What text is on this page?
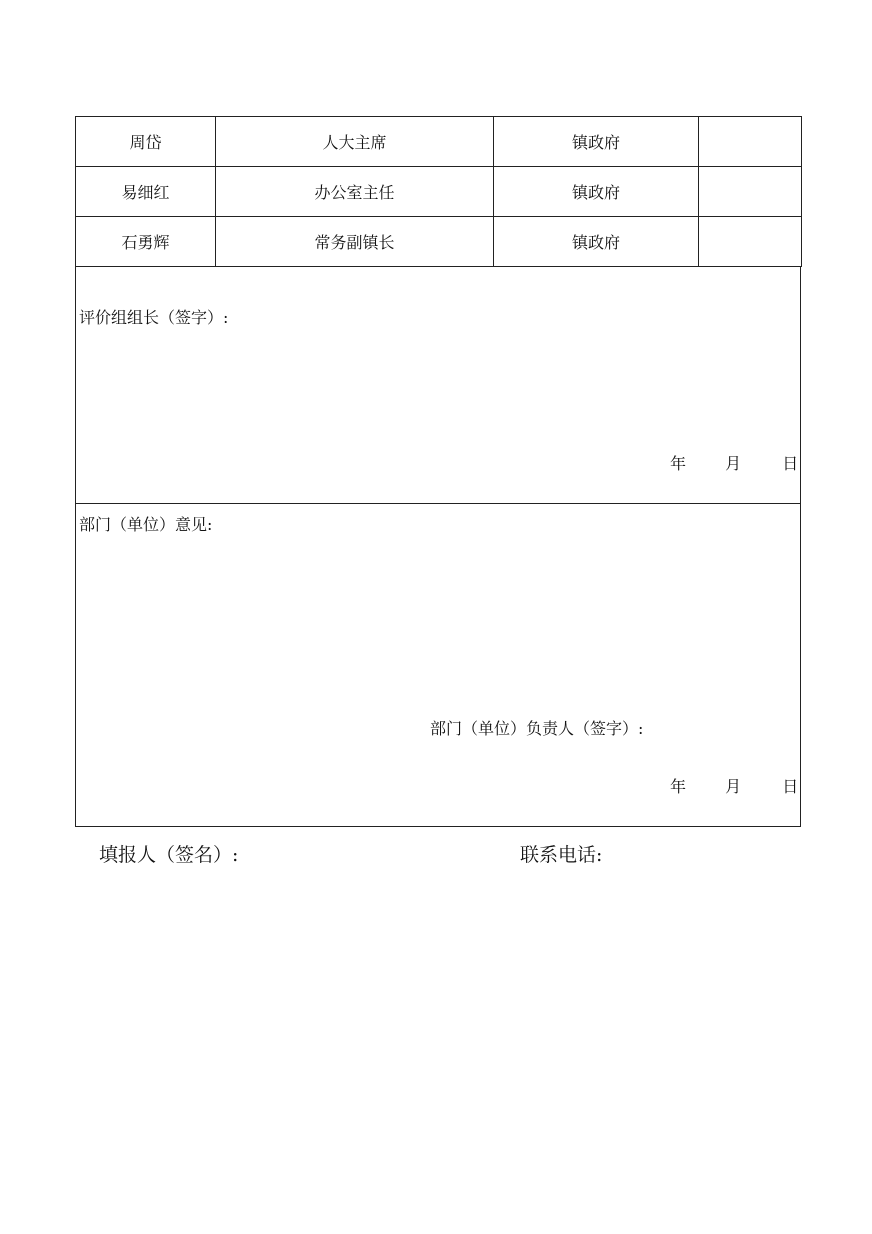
周岱	人大主席	镇政府	
易细红	办公室主任	镇政府	
石勇辉	常务副镇长	镇政府	
评价组组长（签字）:
年 月	日
部门（单位）意见:
部门（单位）负责人（签字）:
年 月	日
填报人（签名）:	联系电话:
